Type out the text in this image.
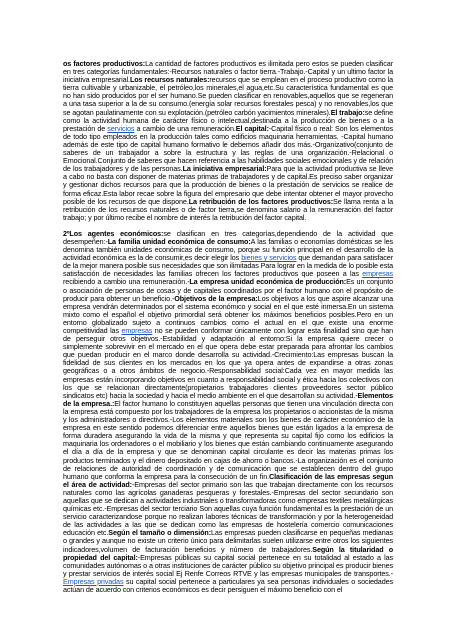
os factores productivos:La cantidad de factores productivos es ilimitada pero estos se pueden clasificar en tres categorías fundamentales:-Recursos naturales o factor tierra.-Trabajo.-Capital y un ultimo factor la iniciativa empresarial.Los recursos naturales:recursos que se emplean en el proceso productivo como la tierra cultivable y urbanizable, el petróleo,los minerales,el agua,etc.Su característica fundamental es que no han sido producidos por el ser humano.Se pueden clasificar en renovables,aquellos que se regeneran a una tasa superior a la de su consumo.(energía solar recursos forestales pesca) y no renovables,los que se agotan paulatinamente con su explotación.(petróleo carbón yacimientos minerales).El trabajo:se define como la actividad humana de carácter físico o intelectual,destinada a la producción de bienes o a la prestación de servicios a cambio de una remuneración.El capital:-Capital físico o real: Son los elementos de todo tipo empleados en la producción tales como edificios maquinaria herramientas. -Capital humano además de este tipo de capital humano formativo le debemos añadir dos más.-Organizativo(conjunto de saberes de un trabajador a sobre la estructura y las reglas de una organización.-Relacional o Emocional.Conjunto de saberes que hacen referencia a las habilidades sociales emocionales y de relación de los trabajadores y de las personas.La iniciativa empresarial:Para que la actividad productiva se lleve a cabo no basta con disponer de materias primas de trabajadores y de capital.Es preciso saber organizar y gestionar dichos recursos para que la producción de bienes o la prestación de servicios se realice de forma eficaz.Esta labor recae sobre la figura del empresario que debe intentar obtener el mayor provecho posible de los recursos de que dispone.La retribución de los factores productivos:Se llama renta a la retribución de los recursos naturales o de factor tierra,se denomina salario a la remuneración del factor trabajo; y por último recibe el nombre de interés la retribución del factor capital.

2ºLos agentes económicos:se clasifican en tres categorías,dependiendo de la actividad que desempeñen:-La familia unidad económica de consumo:A las familias o economías domésticas se les denomina también unidades económicas de consumo, porque su función principal en el desarrollo de la actividad económica es la de consumir,es decir elegir los bienes y servicios que demandan para satisfacer de la mejor manera posible sus necesidades que son ilimitadas Para lograr en la medida de lo posible esta satisfacción de necesidades las familias ofrecen los factores productivos que poseen a las empresas recibiendo a cambio una remuneración.-La empresa unidad económica de producción:Es un conjunto o asociación de personas de cosas y de capitales coordinados por el factor humano con el propósito de producir para obtener un beneficio.-Objetivos de la empresa:Los objetivos a los que aspire alcanzar una empresa vendrán determinados por el sistema económico y social en el que esté inmersa.En un sistema mixto como el español el objetivo primordial será obtener los máximos beneficios posibles.Pero en un entorno globalizado sujeto a continuos cambios como el actual en el que existe una enorme competitividad las empresas no se pueden conformar únicamente con lograr esta finalidad sino que han de perseguir otros objetivos.-Estabilidad y adaptación al entorno:Si la empresa quiere crecer o simplemente sobrevivir en el mercado en el que opera debe estar preparada para afrontar los cambios que puedan producir en el marco donde desarrolla su actividad.-Crecimiento:Las empresas buscan la fidelidad de sus clientes en los mercados en los que ya opera antes de expandirse a otras zonas geográficas o a otros ámbitos de negocio.-Responsabilidad social:Cada vez en mayor medida las empresas están incorporando objetivos en cuanto a responsabilidad social y ética hacia los colectivos con los que se relacionan directamente(propietarios trabajadores clientes proveedores sector público sindicatos etc) hacia la sociedad y hacia el medio ambiente en el que desarrollan su actividad.-Elementos de la empresa.:El factor humano lo constituyen aquellas personas que tienen una vinculación directa con la empresa está compuesto por los trabajadores de la empresa los propietarios o accionistas de la misma y los administradores o directivos.-Los elementos materiales son los bienes de carácter económico de la empresa en este sentido podemos diferenciar entre aquellos bienes que están ligados a la empresa de forma duradera asegurando la vida de la misma y que representa su capital fijo como los edificios la maquinaria los ordenadores o el mobiliario y los bienes que están cambiando continuamente asegurando el día a día de la empresa y que se denominan capital circulante es decir las materias primas los productos terminados y el dinero depositado en cajas de ahorro o bancos.-La organización es el conjunto de relaciones de autoridad de coordinación y de comunicación que se establecen dentro del grupo humano que conforma la empresa para la consecución de un fin.Clasificación de las empresas segun el área de actividad:-Empresas del sector primario son las que trabajan directamente con los recursos naturales como las agrícolas ganaderas pesqueras y forestales.-Empresas del sector secundario son aquellas que se dedican a actividades industriales o transformadoras como empresas textiles metalúrgicas químicas etc.-Empresas del sector terciario Son aquellas cuya función fundamental es la prestación de un servicio caracterizandose porque no realizan labores técnicas de transformación y por la heterogeneidad de las actividades a las que se dedican como las empresas de hostelería comercio comunicaciones educación etc.Según el tamaño o dimensión:Las empresas pueden clasificarse en pequeñas medianas o grandes y aunque no existe un criterio único para delimitarlas suelen utilizarse entre otros los siguientes indicadores,volumen de facturación beneficios y número de trabajadores.Según la titularidad o propiedad del capital:-Empresas públicas su capital social pertenece en su totalidad al estado a las comunidades autónomas o a otras instituciones de carácter público su objetivo principal es producir bienes y prestar servicios de interés social Ej Renfe Correos RTVE y las empresas municipales de transportes.-Empresas privadas su capital social pertenece a particulares ya sea personas individuales o sociedades actúan de acuerdo con criterios económicos es decir persiguen el máximo beneficio con el
